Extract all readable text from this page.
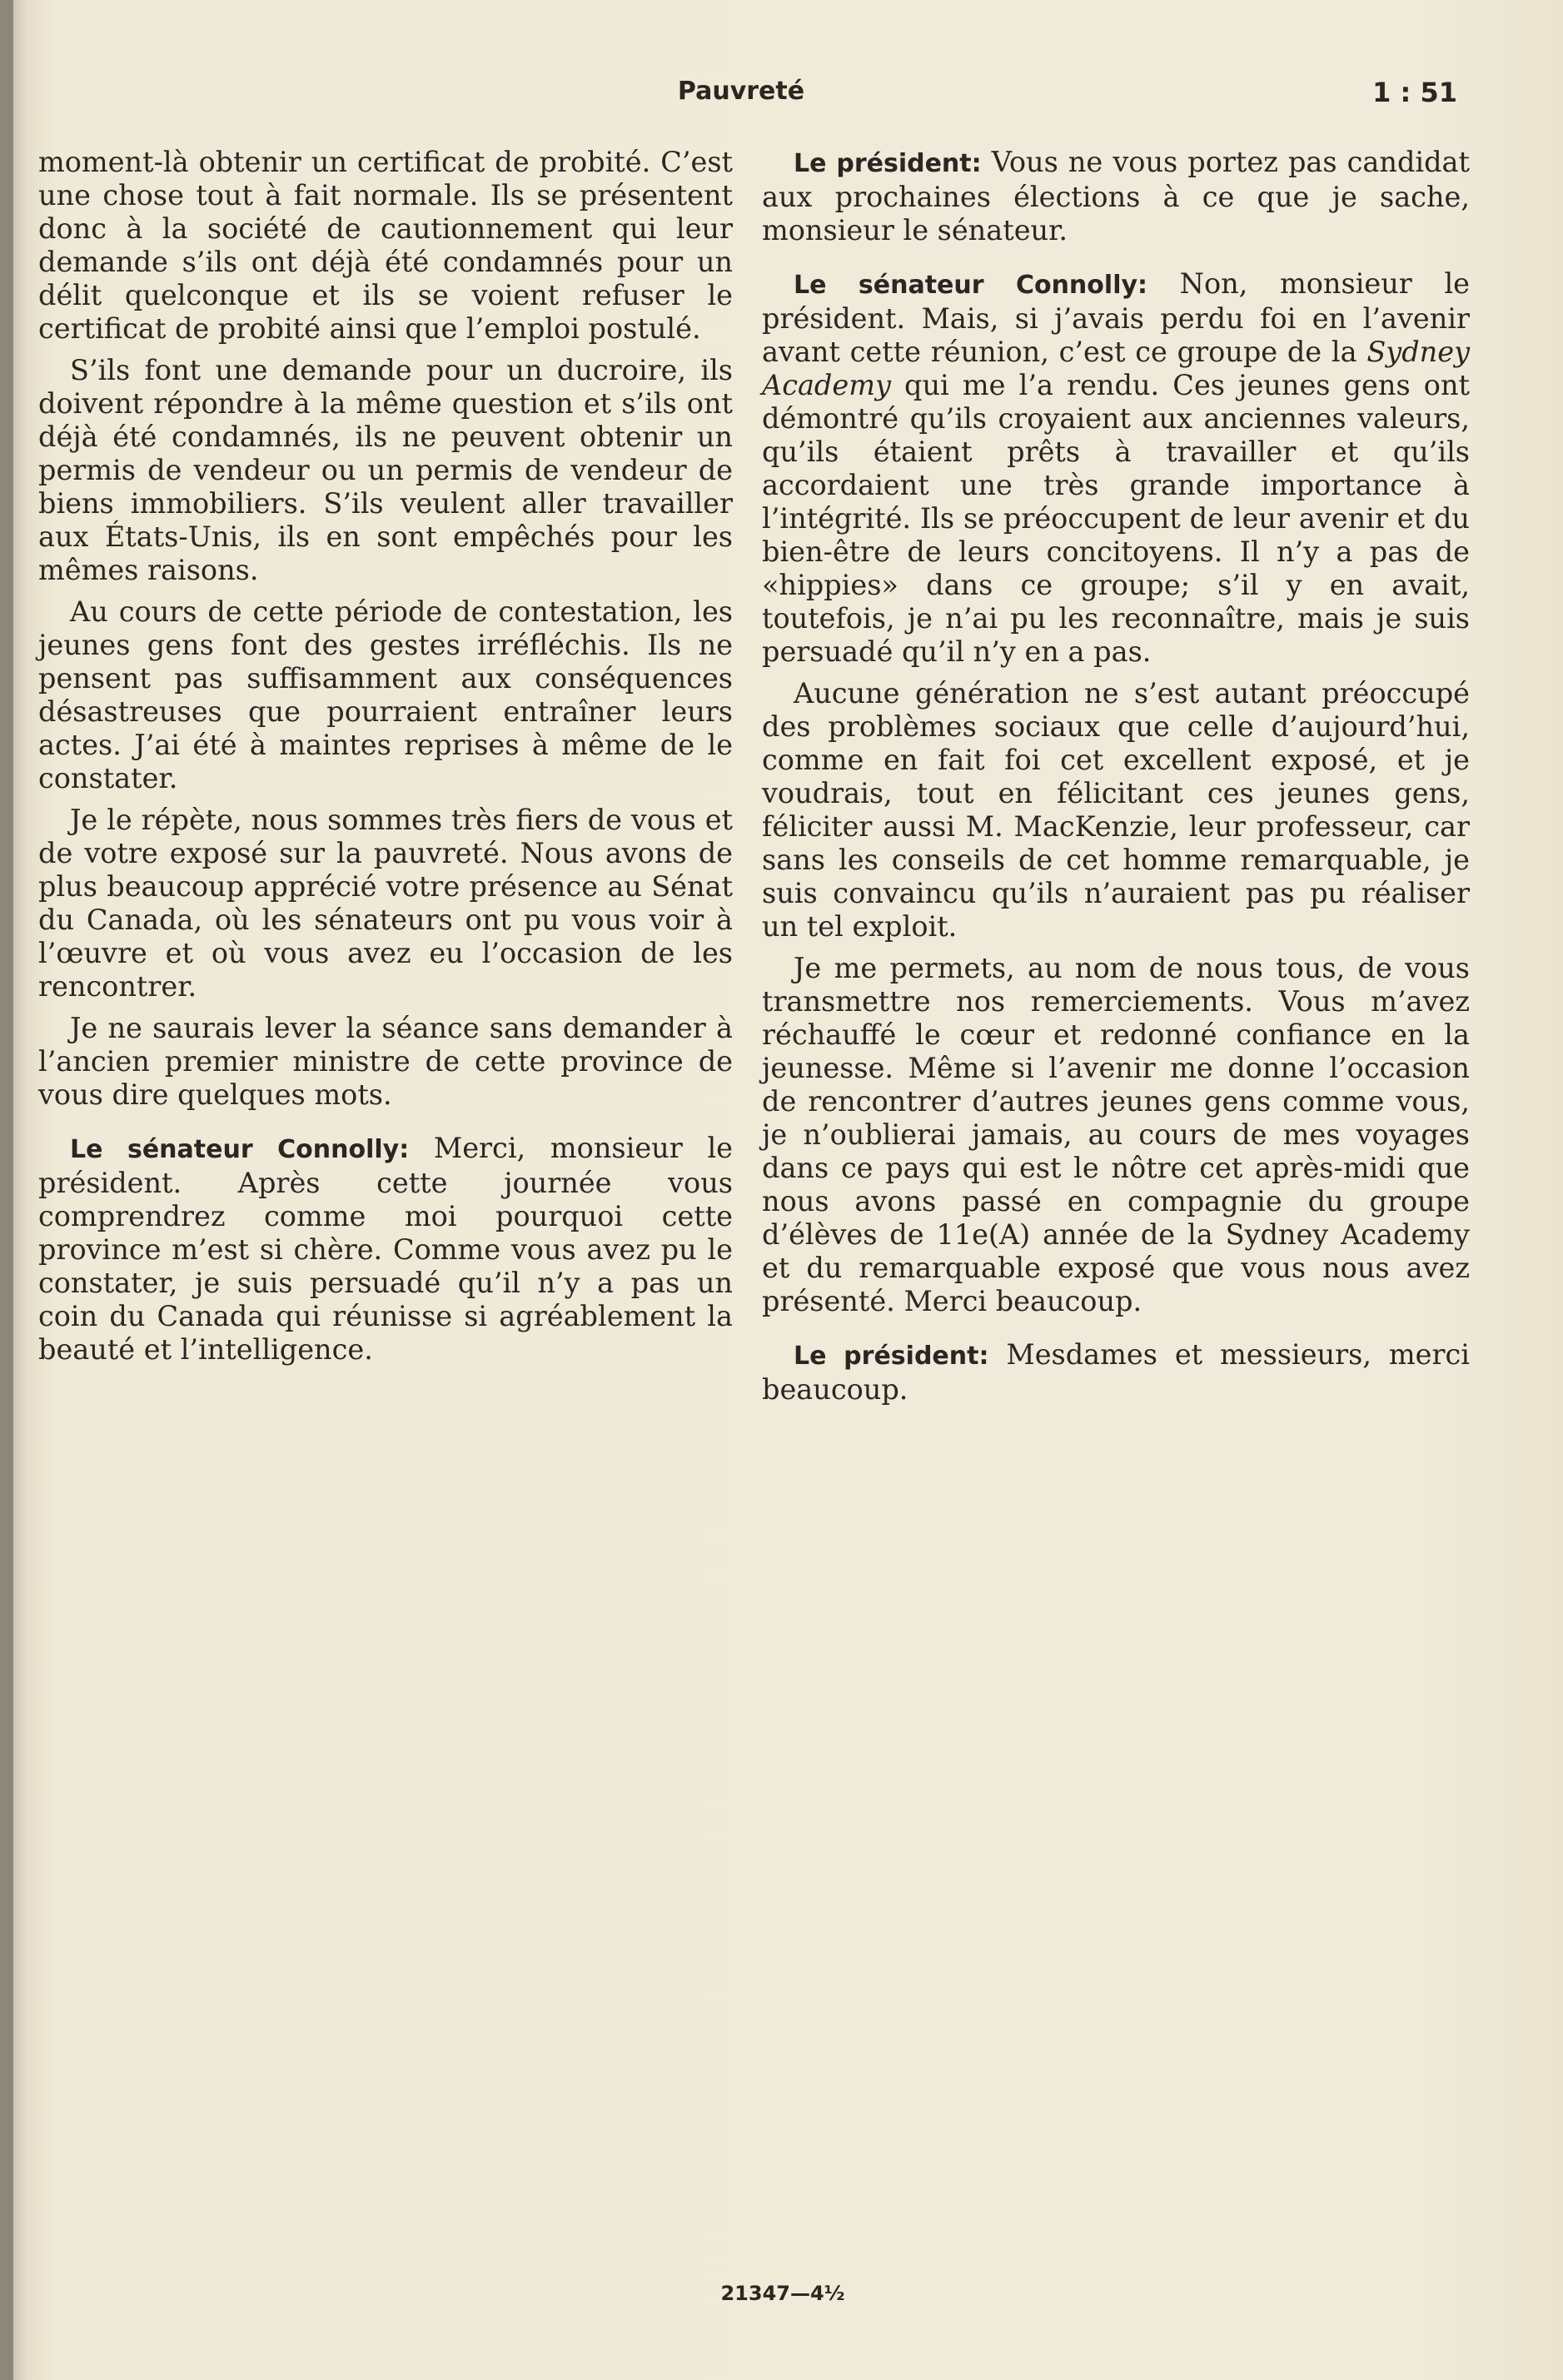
Pauvreté	1 : 51

moment-là obtenir un certificat de probité. C’est une chose tout à fait normale. Ils se présentent donc à la société de cautionnement qui leur demande s’ils ont déjà été condamnés pour un délit quelconque et ils se voient refuser le certificat de probité ainsi que l’emploi postulé.

S’ils font une demande pour un ducroire, ils doivent répondre à la même question et s’ils ont déjà été condamnés, ils ne peuvent obtenir un permis de vendeur ou un permis de vendeur de biens immobiliers. S’ils veulent aller travailler aux États-Unis, ils en sont empêchés pour les mêmes raisons.

Au cours de cette période de contestation, les jeunes gens font des gestes irréfléchis. Ils ne pensent pas suffisamment aux conséquences désastreuses que pourraient entraîner leurs actes. J’ai été à maintes reprises à même de le constater.

Je le répète, nous sommes très fiers de vous et de votre exposé sur la pauvreté. Nous avons de plus beaucoup apprécié votre présence au Sénat du Canada, où les sénateurs ont pu vous voir à l’œuvre et où vous avez eu l’occasion de les rencontrer.

Je ne saurais lever la séance sans demander à l’ancien premier ministre de cette province de vous dire quelques mots.

Le sénateur Connolly: Merci, monsieur le président. Après cette journée vous comprendrez comme moi pourquoi cette province m’est si chère. Comme vous avez pu le constater, je suis persuadé qu’il n’y a pas un coin du Canada qui réunisse si agréablement la beauté et l’intelligence.

Le président: Vous ne vous portez pas candidat aux prochaines élections à ce que je sache, monsieur le sénateur.

Le sénateur Connolly: Non, monsieur le président. Mais, si j’avais perdu foi en l’avenir avant cette réunion, c’est ce groupe de la Sydney Academy qui me l’a rendu. Ces jeunes gens ont démontré qu’ils croyaient aux anciennes valeurs, qu’ils étaient prêts à travailler et qu’ils accordaient une très grande importance à l’intégrité. Ils se préoccupent de leur avenir et du bien-être de leurs concitoyens. Il n’y a pas de «hippies» dans ce groupe; s’il y en avait, toutefois, je n’ai pu les reconnaître, mais je suis persuadé qu’il n’y en a pas.

Aucune génération ne s’est autant préoccupé des problèmes sociaux que celle d’aujourd’hui, comme en fait foi cet excellent exposé, et je voudrais, tout en félicitant ces jeunes gens, féliciter aussi M. MacKenzie, leur professeur, car sans les conseils de cet homme remarquable, je suis convaincu qu’ils n’auraient pas pu réaliser un tel exploit.

Je me permets, au nom de nous tous, de vous transmettre nos remerciements. Vous m’avez réchauffé le cœur et redonné confiance en la jeunesse. Même si l’avenir me donne l’occasion de rencontrer d’autres jeunes gens comme vous, je n’oublierai jamais, au cours de mes voyages dans ce pays qui est le nôtre cet après-midi que nous avons passé en compagnie du groupe d’élèves de 11e(A) année de la Sydney Academy et du remarquable exposé que vous nous avez présenté. Merci beaucoup.

Le président: Mesdames et messieurs, merci beaucoup.

21347—4½
